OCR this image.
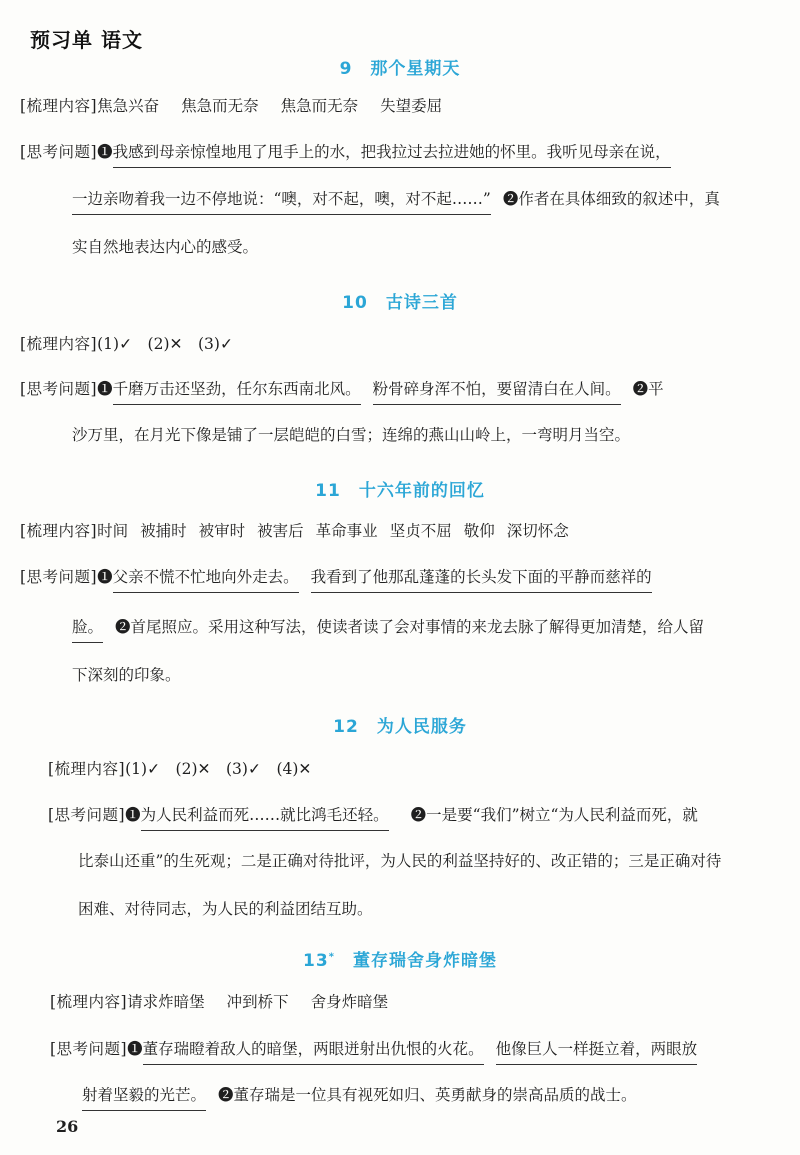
预习单 语文
9 那个星期天
[梳理内容]焦急兴奋 焦急而无奈 焦急而无奈 失望委屈
[思考问题]❶我感到母亲惊惶地甩了甩手上的水，把我拉过去拉进她的怀里。我听见母亲在说，
一边亲吻着我一边不停地说：“噢，对不起，噢，对不起……” ❷作者在具体细致的叙述中，真
实自然地表达内心的感受。
10 古诗三首
[梳理内容](1)✓　(2)✕　(3)✓
[思考问题]❶千磨万击还坚劲，任尔东西南北风。 粉骨碎身浑不怕，要留清白在人间。 ❷平
沙万里，在月光下像是铺了一层皑皑的白雪；连绵的燕山山岭上，一弯明月当空。
11 十六年前的回忆
[梳理内容]时间 被捕时 被审时 被害后 革命事业 坚贞不屈 敬仰 深切怀念
[思考问题]❶父亲不慌不忙地向外走去。 我看到了他那乱蓬蓬的长头发下面的平静而慈祥的
脸。 ❷首尾照应。采用这种写法，使读者读了会对事情的来龙去脉了解得更加清楚，给人留
下深刻的印象。
12 为人民服务
[梳理内容](1)✓　(2)✕　(3)✓　(4)✕
[思考问题]❶为人民利益而死……就比鸿毛还轻。 ❷一是要“我们”树立“为人民利益而死，就
比泰山还重”的生死观；二是正确对待批评，为人民的利益坚持好的、改正错的；三是正确对待
困难、对待同志，为人民的利益团结互助。
13* 董存瑞舍身炸暗堡
[梳理内容]请求炸暗堡 冲到桥下 舍身炸暗堡
[思考问题]❶董存瑞瞪着敌人的暗堡，两眼迸射出仇恨的火花。 他像巨人一样挺立着，两眼放
射着坚毅的光芒。 ❷董存瑞是一位具有视死如归、英勇献身的崇高品质的战士。
26
